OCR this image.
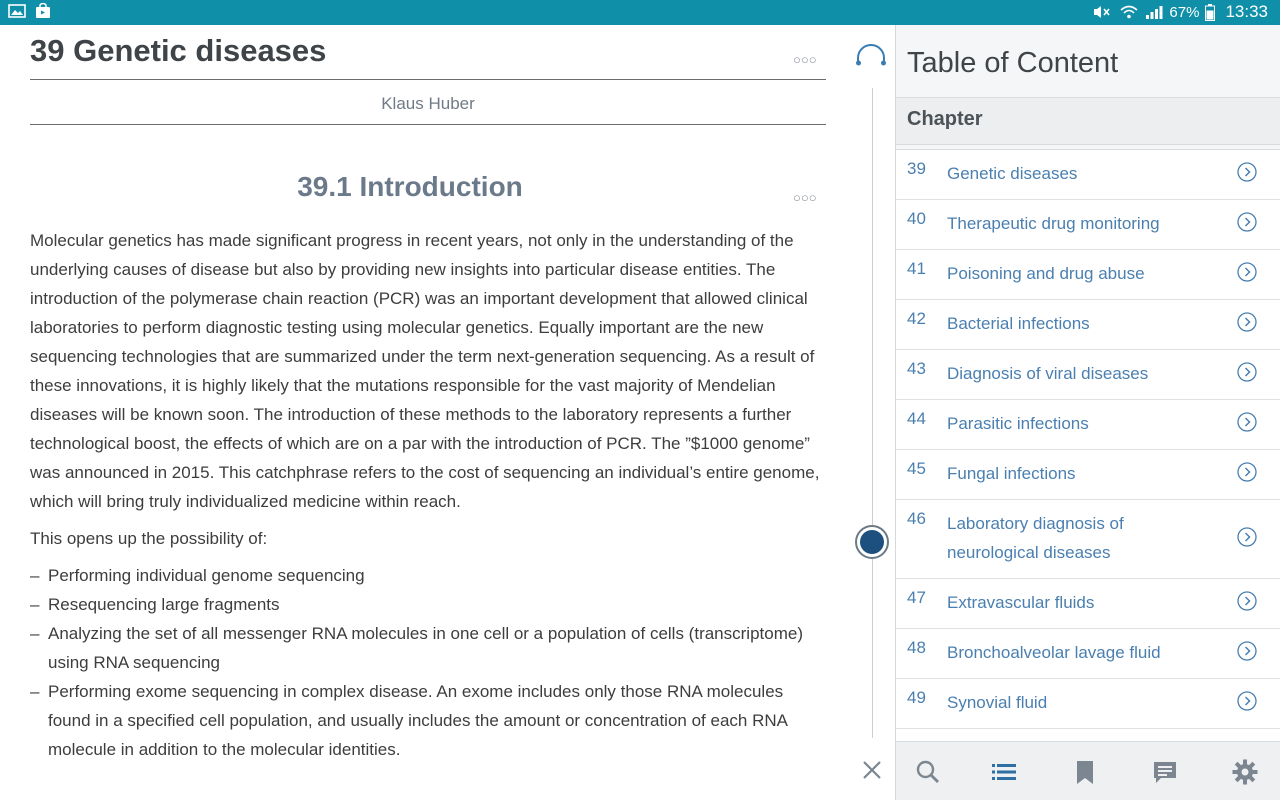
67% 13:33
39 Genetic diseases	○○○
Klaus Huber
39.1 Introduction	○○○

Molecular genetics has made significant progress in recent years, not only in the understanding of the underlying causes of disease but also by providing new insights into particular disease entities. The introduction of the polymerase chain reaction (PCR) was an important development that allowed clinical laboratories to perform diagnostic testing using molecular genetics. Equally important are the new sequencing technologies that are summarized under the term next-generation sequencing. As a result of these innovations, it is highly likely that the mutations responsible for the vast majority of Mendelian diseases will be known soon. The introduction of these methods to the laboratory represents a further technological boost, the effects of which are on a par with the introduction of PCR. The ”$1000 genome” was announced in 2015. This catchphrase refers to the cost of sequencing an individual’s entire genome, which will bring truly individualized medicine within reach.

This opens up the possibility of:

– Performing individual genome sequencing
– Resequencing large fragments
– Analyzing the set of all messenger RNA molecules in one cell or a population of cells (transcriptome) using RNA sequencing
– Performing exome sequencing in complex disease. An exome includes only those RNA molecules found in a specified cell population, and usually includes the amount or concentration of each RNA molecule in addition to the molecular identities.
Table of Content
Chapter
39 Genetic diseases
40 Therapeutic drug monitoring
41 Poisoning and drug abuse
42 Bacterial infections
43 Diagnosis of viral diseases
44 Parasitic infections
45 Fungal infections
46 Laboratory diagnosis of neurological diseases
47 Extravascular fluids
48 Bronchoalveolar lavage fluid
49 Synovial fluid
